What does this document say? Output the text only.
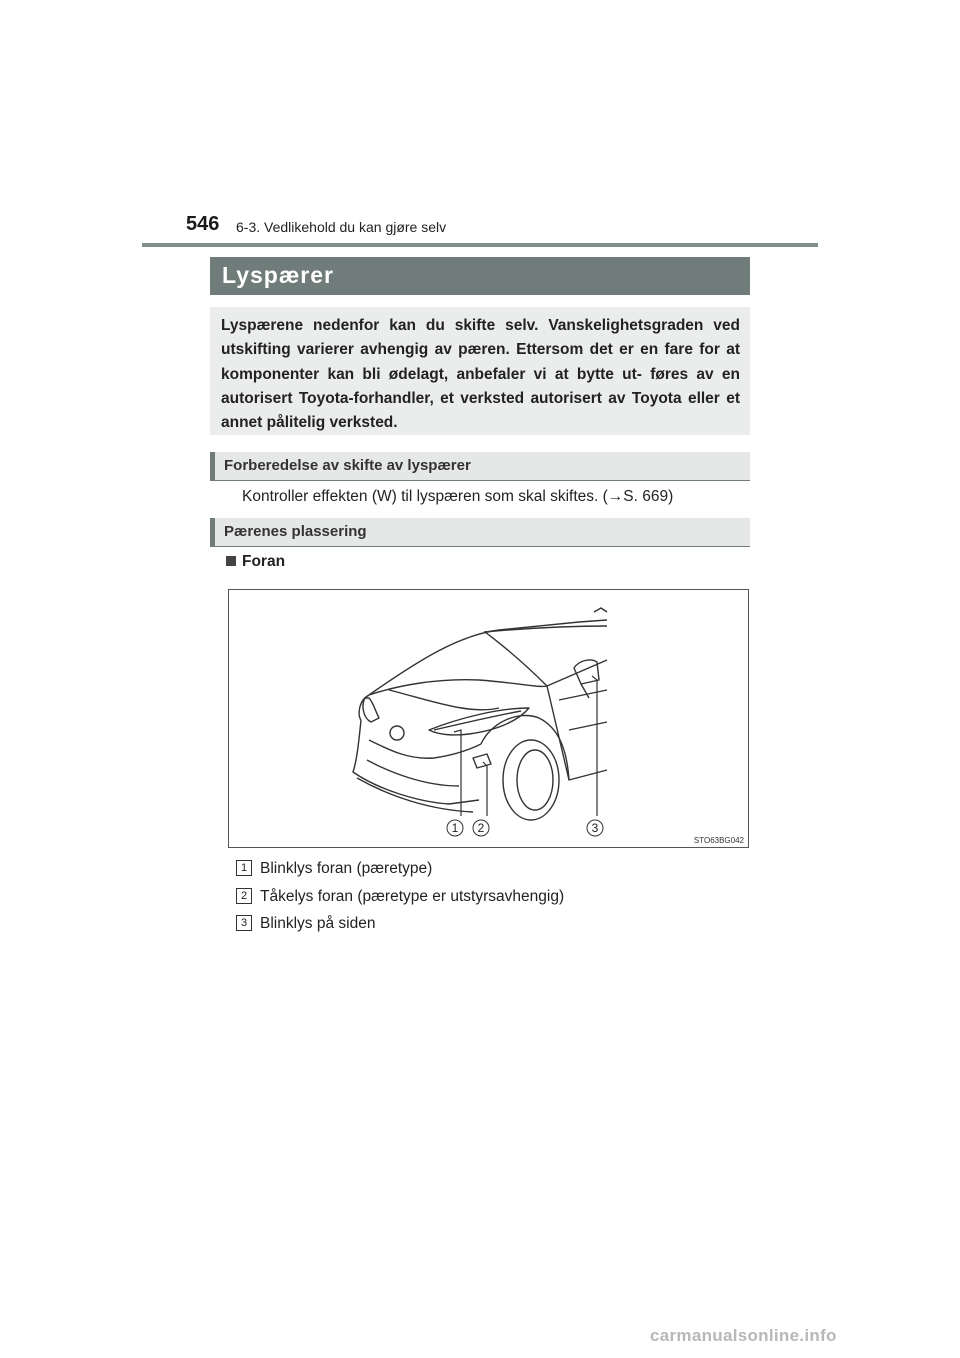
546 6-3. Vedlikehold du kan gjøre selv
Lyspærer
Lyspærene nedenfor kan du skifte selv. Vanskelighetsgraden ved utskifting varierer avhengig av pæren. Ettersom det er en fare for at komponenter kan bli ødelagt, anbefaler vi at bytte ut- føres av en autorisert Toyota-forhandler, et verksted autorisert av Toyota eller et annet pålitelig verksted.
Forberedelse av skifte av lyspærer
Kontroller effekten (W) til lyspæren som skal skiftes. (→S. 669)
Pærenes plassering
Foran
1 2	3
STO63BG042
1 Blinklys foran (pæretype)
2 Tåkelys foran (pæretype er utstyrsavhengig)
3 Blinklys på siden
carmanualsonline.info
